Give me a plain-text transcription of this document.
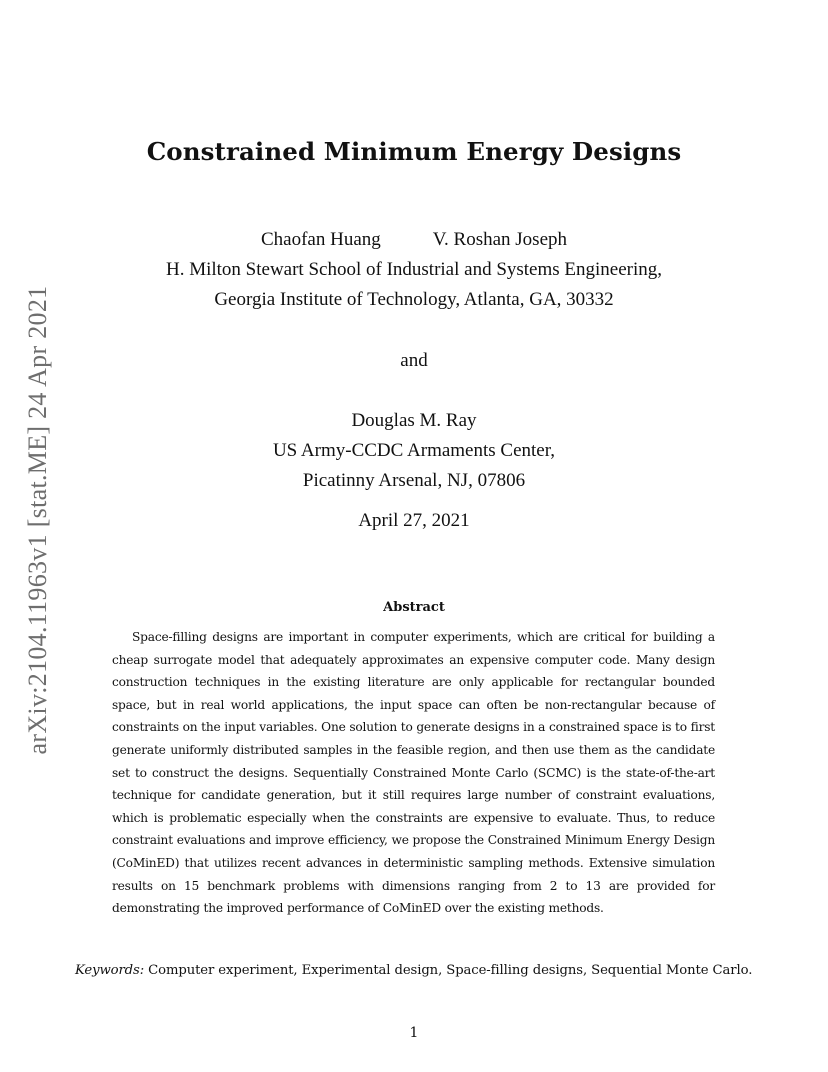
arXiv:2104.11963v1 [stat.ME] 24 Apr 2021
Constrained Minimum Energy Designs
Chaofan Huang	V. Roshan Joseph
H. Milton Stewart School of Industrial and Systems Engineering,
Georgia Institute of Technology, Atlanta, GA, 30332
and
Douglas M. Ray
US Army-CCDC Armaments Center,
Picatinny Arsenal, NJ, 07806
April 27, 2021
Abstract

Space-filling designs are important in computer experiments, which are critical for building a cheap surrogate model that adequately approximates an expensive computer code. Many design construction techniques in the existing literature are only applicable for rectangular bounded space, but in real world applications, the input space can often be non-rectangular because of constraints on the input variables. One solution to generate designs in a constrained space is to first generate uniformly distributed samples in the feasible region, and then use them as the candidate set to construct the designs. Sequentially Constrained Monte Carlo (SCMC) is the state-of-the-art technique for candidate generation, but it still requires large number of constraint evaluations, which is problematic especially when the constraints are expensive to evaluate. Thus, to reduce constraint evaluations and improve efficiency, we propose the Constrained Minimum Energy Design (CoMinED) that utilizes recent advances in deterministic sampling methods. Extensive simulation results on 15 benchmark problems with dimensions ranging from 2 to 13 are provided for demonstrating the improved performance of CoMinED over the existing methods.

Keywords: Computer experiment, Experimental design, Space-filling designs, Sequential Monte Carlo.

1
